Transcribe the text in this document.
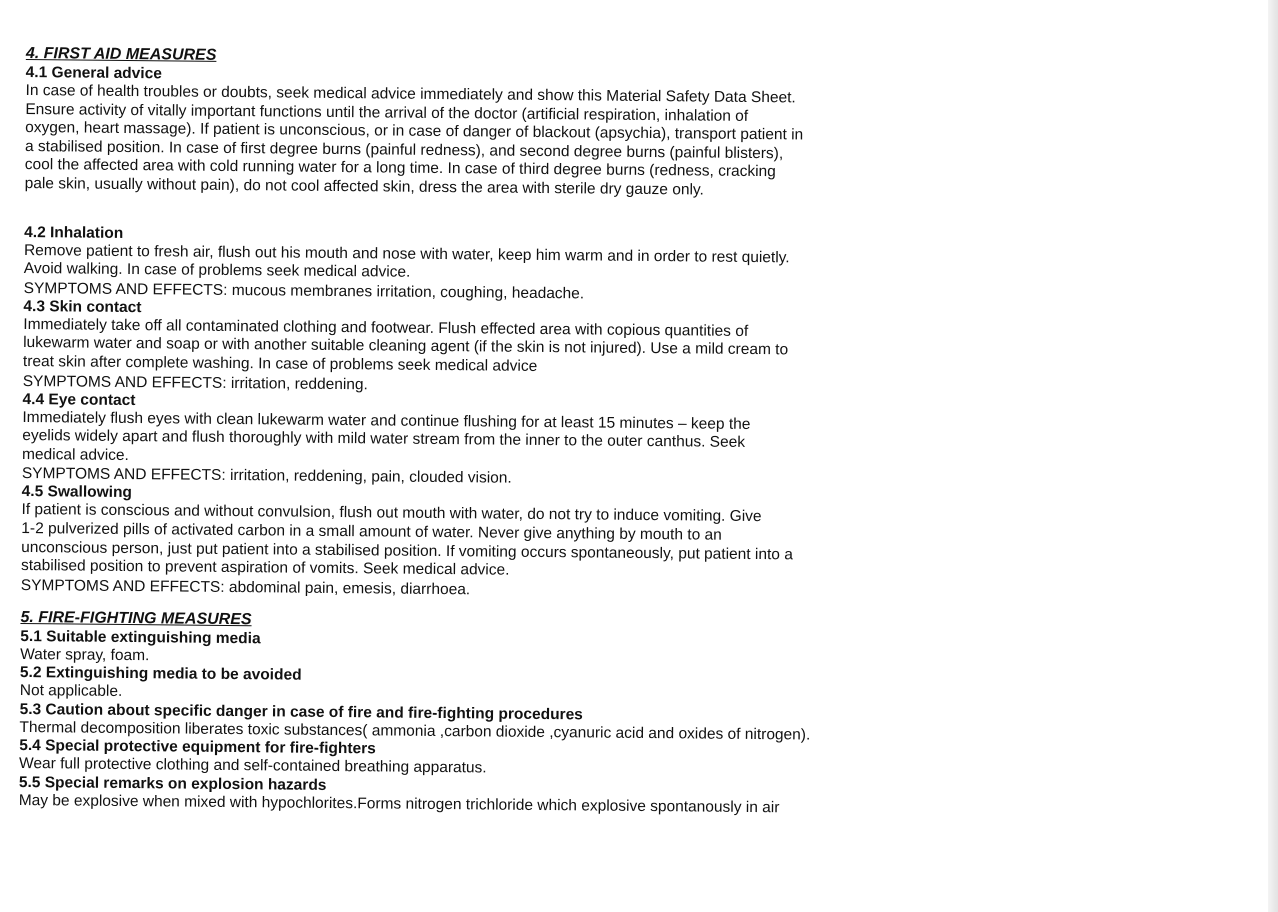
4. FIRST AID MEASURES
4.1 General advice
In case of health troubles or doubts, seek medical advice immediately and show this Material Safety Data Sheet.
Ensure activity of vitally important functions until the arrival of the doctor (artificial respiration, inhalation of
oxygen, heart massage). If patient is unconscious, or in case of danger of blackout (apsychia), transport patient in
a stabilised position. In case of first degree burns (painful redness), and second degree burns (painful blisters),
cool the affected area with cold running water for a long time. In case of third degree burns (redness, cracking
pale skin, usually without pain), do not cool affected skin, dress the area with sterile dry gauze only.
4.2 Inhalation
Remove patient to fresh air, flush out his mouth and nose with water, keep him warm and in order to rest quietly.
Avoid walking. In case of problems seek medical advice.
SYMPTOMS AND EFFECTS: mucous membranes irritation, coughing, headache.
4.3 Skin contact
Immediately take off all contaminated clothing and footwear. Flush effected area with copious quantities of
lukewarm water and soap or with another suitable cleaning agent (if the skin is not injured). Use a mild cream to
treat skin after complete washing. In case of problems seek medical advice
SYMPTOMS AND EFFECTS: irritation, reddening.
4.4 Eye contact
Immediately flush eyes with clean lukewarm water and continue flushing for at least 15 minutes – keep the
eyelids widely apart and flush thoroughly with mild water stream from the inner to the outer canthus. Seek
medical advice.
SYMPTOMS AND EFFECTS: irritation, reddening, pain, clouded vision.
4.5 Swallowing
If patient is conscious and without convulsion, flush out mouth with water, do not try to induce vomiting. Give
1-2 pulverized pills of activated carbon in a small amount of water. Never give anything by mouth to an
unconscious person, just put patient into a stabilised position. If vomiting occurs spontaneously, put patient into a
stabilised position to prevent aspiration of vomits. Seek medical advice.
SYMPTOMS AND EFFECTS: abdominal pain, emesis, diarrhoea.
5. FIRE-FIGHTING MEASURES
5.1 Suitable extinguishing media
Water spray, foam.
5.2 Extinguishing media to be avoided
Not applicable.
5.3 Caution about specific danger in case of fire and fire-fighting procedures
Thermal decomposition liberates toxic substances( ammonia ,carbon dioxide ,cyanuric acid and oxides of nitrogen).
5.4 Special protective equipment for fire-fighters
Wear full protective clothing and self-contained breathing apparatus.
5.5 Special remarks on explosion hazards
May be explosive when mixed with hypochlorites.Forms nitrogen trichloride which explosive spontanously in air
